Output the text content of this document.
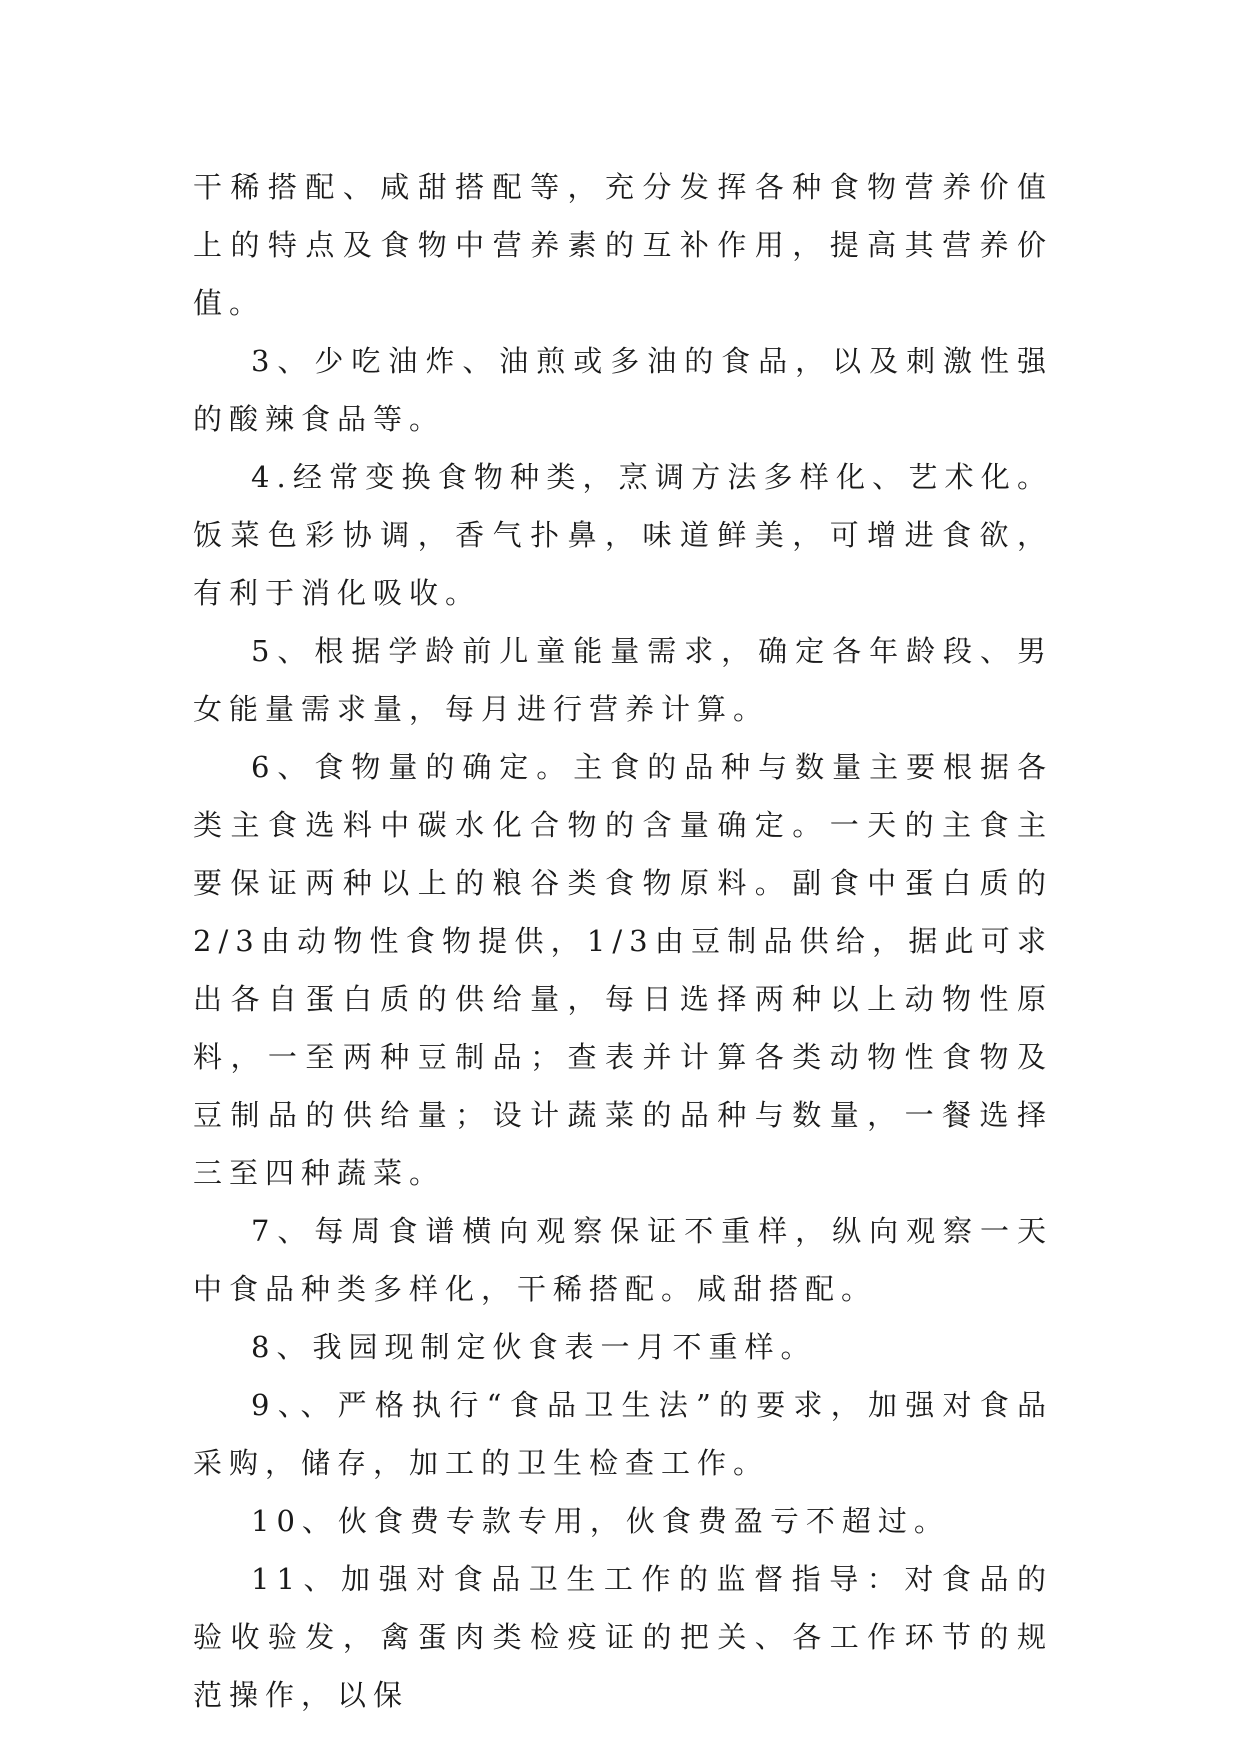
干稀搭配、咸甜搭配等，充分发挥各种食物营养价值上的特点及食物中营养素的互补作用，提高其营养价值。

3、少吃油炸、油煎或多油的食品，以及刺激性强的酸辣食品等。

4.经常变换食物种类，烹调方法多样化、艺术化。饭菜色彩协调，香气扑鼻，味道鲜美，可增进食欲，有利于消化吸收。

5、根据学龄前儿童能量需求，确定各年龄段、男女能量需求量，每月进行营养计算。

6、食物量的确定。主食的品种与数量主要根据各类主食选料中碳水化合物的含量确定。一天的主食主要保证两种以上的粮谷类食物原料。副食中蛋白质的2/3由动物性食物提供，1/3由豆制品供给，据此可求出各自蛋白质的供给量，每日选择两种以上动物性原料，一至两种豆制品；查表并计算各类动物性食物及豆制品的供给量；设计蔬菜的品种与数量，一餐选择三至四种蔬菜。

7、每周食谱横向观察保证不重样，纵向观察一天中食品种类多样化，干稀搭配。咸甜搭配。

8、我园现制定伙食表一月不重样。

9、、严格执行“食品卫生法”的要求，加强对食品采购，储存，加工的卫生检查工作。

10、伙食费专款专用，伙食费盈亏不超过。

11、加强对食品卫生工作的监督指导：对食品的验收验发，禽蛋肉类检疫证的把关、各工作环节的规范操作，以保
